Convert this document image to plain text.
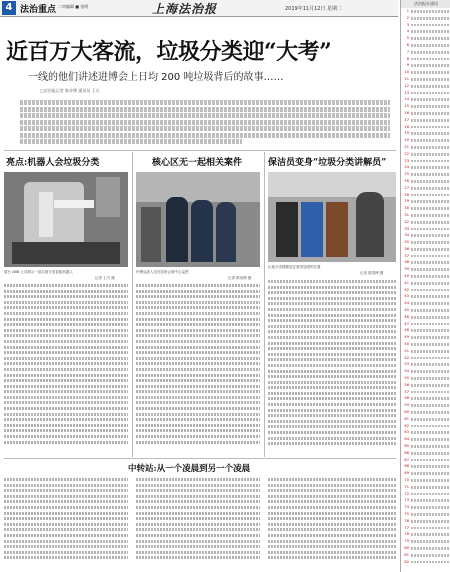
4 法治重点 二审编辑 ■ 张明	上海法治报	2019年11月12日 星期二
近百万大客流，垃圾分类迎“大考”
一线的他们讲述进博会上日均 200 吨垃圾背后的故事……
□法治报记者 陈奇博 通讯员 王川
亮点:机器人会垃圾分类
展台 ABB 公司展示一款垃圾分类智能机器人
记者 王川 摄
核心区无一起相关案件
民警巡查人员在国家会展中心巡逻
记者 陈奇博 摄
保洁员变身“垃圾分类讲解员”
垃圾分类桶摆放在展馆显眼的位置
记者 陈奇博 摄
中转站:从一个凌晨到另一个凌晨
法治报社通讯
1
2
3
4
5
6
7
8
9
10
11
12
13
14
15
16
17
18
19
20
21
22
23
24
25
26
27
28
29
30
31
32
33
34
35
36
37
38
39
40
41
42
43
44
45
46
47
48
49
50
51
52
53
54
55
56
57
58
59
60
61
62
63
64
65
66
67
68
69
70
71
72
73
74
75
76
77
78
79
80
81
82
